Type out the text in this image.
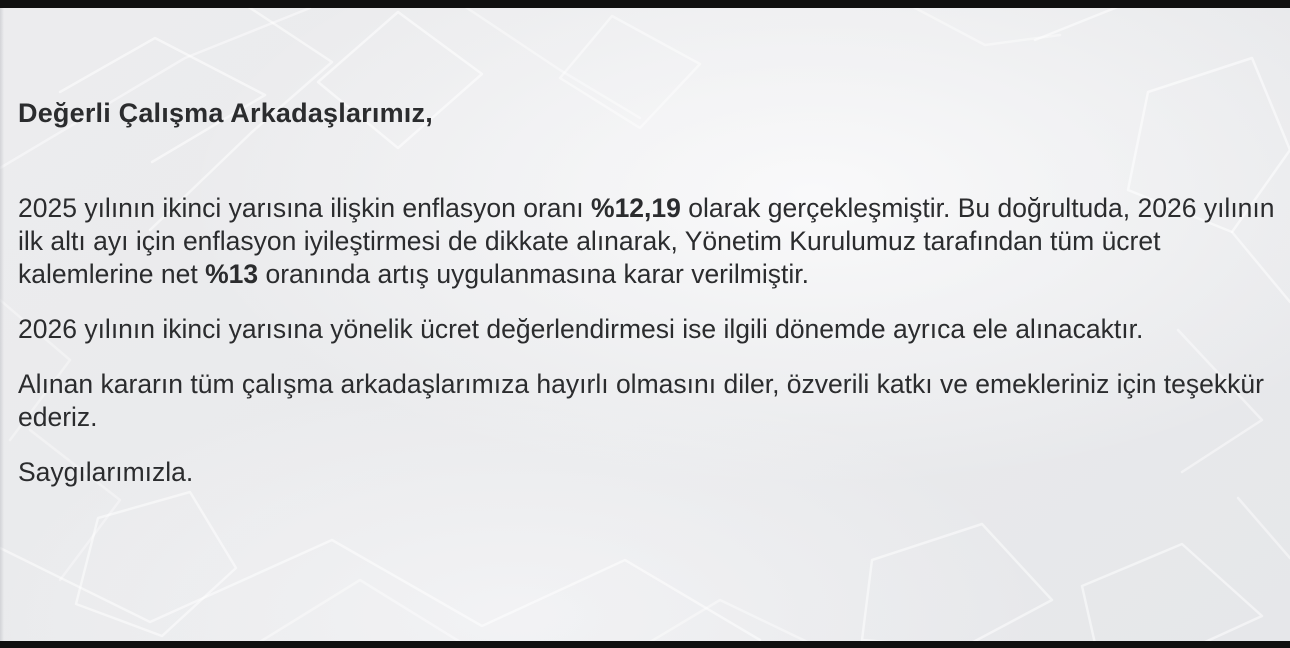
Değerli Çalışma Arkadaşlarımız,
2025 yılının ikinci yarısına ilişkin enflasyon oranı %12,19 olarak gerçekleşmiştir. Bu doğrultuda, 2026 yılının
ilk altı ayı için enflasyon iyileştirmesi de dikkate alınarak, Yönetim Kurulumuz tarafından tüm ücret
kalemlerine net %13 oranında artış uygulanmasına karar verilmiştir.
2026 yılının ikinci yarısına yönelik ücret değerlendirmesi ise ilgili dönemde ayrıca ele alınacaktır.
Alınan kararın tüm çalışma arkadaşlarımıza hayırlı olmasını diler, özverili katkı ve emekleriniz için teşekkür
ederiz.
Saygılarımızla.
